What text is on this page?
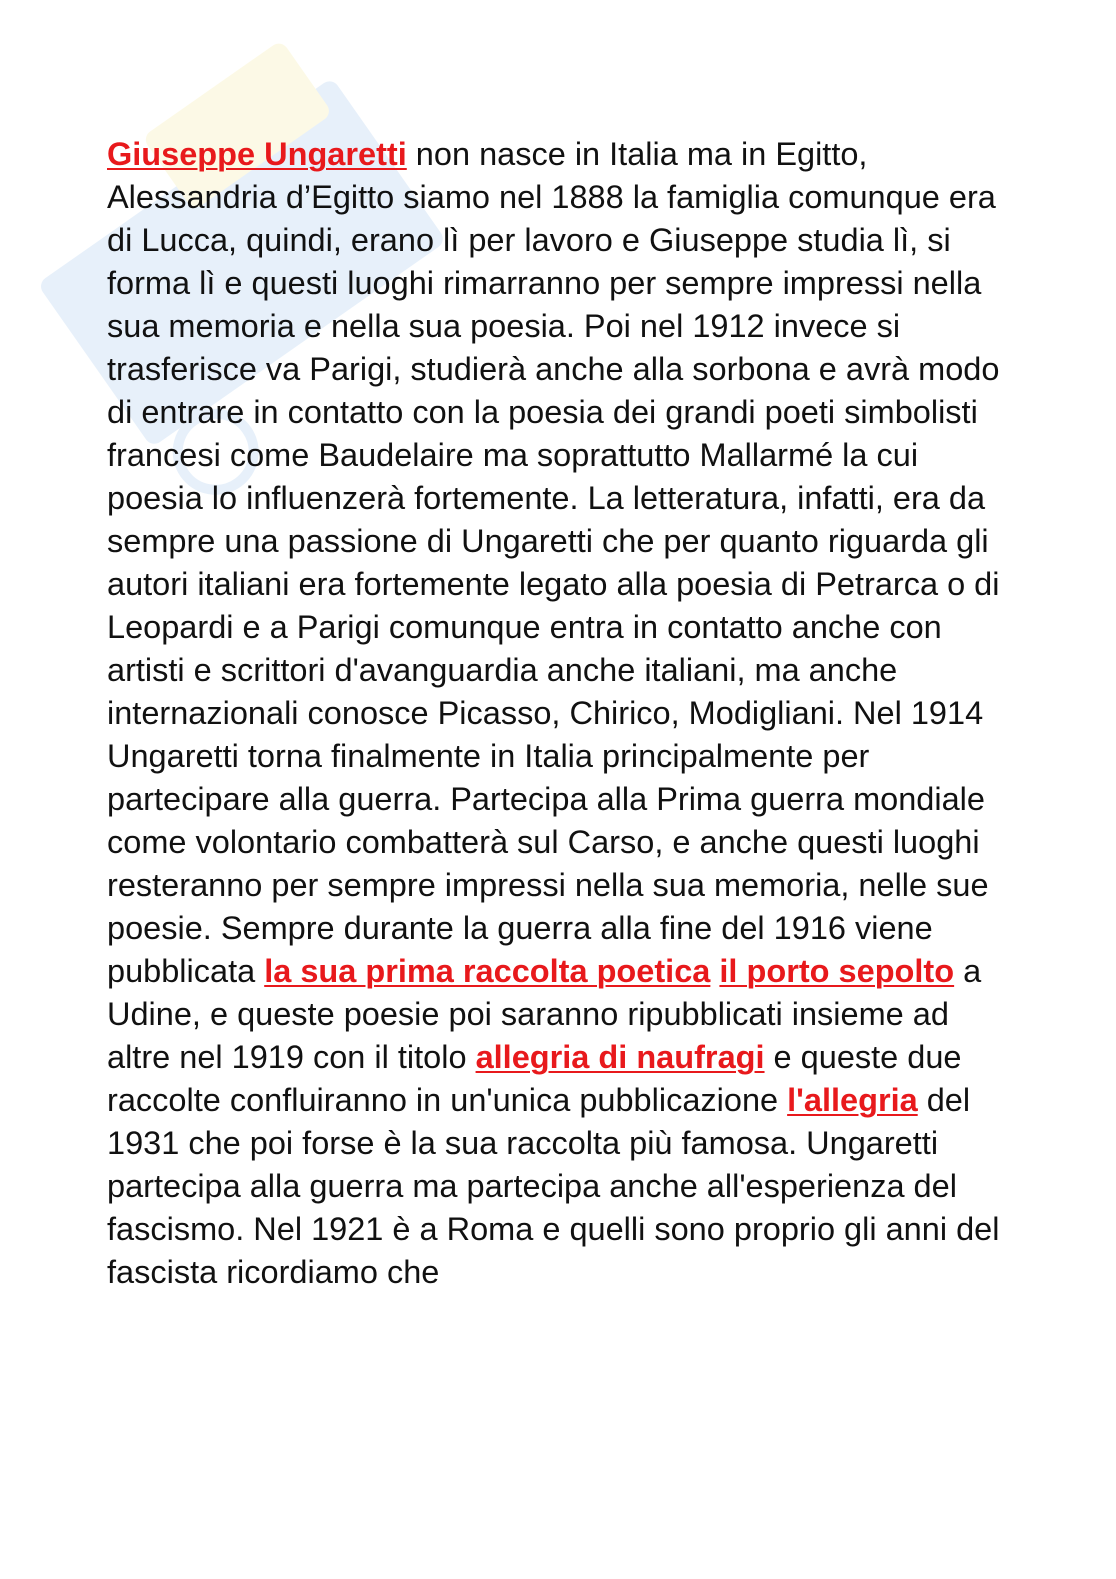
Giuseppe Ungaretti non nasce in Italia ma in Egitto, Alessandria d’Egitto siamo nel 1888 la famiglia comunque era di Lucca, quindi, erano lì per lavoro e Giuseppe studia lì, si forma lì e questi luoghi rimarranno per sempre impressi nella sua memoria e nella sua poesia. Poi nel 1912 invece si trasferisce va Parigi, studierà anche alla sorbona e avrà modo di entrare in contatto con la poesia dei grandi poeti simbolisti francesi come Baudelaire ma soprattutto Mallarmé la cui poesia lo influenzerà fortemente. La letteratura, infatti, era da sempre una passione di Ungaretti che per quanto riguarda gli autori italiani era fortemente legato alla poesia di Petrarca o di Leopardi e a Parigi comunque entra in contatto anche con artisti e scrittori d'avanguardia anche italiani, ma anche internazionali conosce Picasso, Chirico, Modigliani. Nel 1914 Ungaretti torna finalmente in Italia principalmente per partecipare alla guerra. Partecipa alla Prima guerra mondiale come volontario combatterà sul Carso, e anche questi luoghi resteranno per sempre impressi nella sua memoria, nelle sue poesie. Sempre durante la guerra alla fine del 1916 viene pubblicata la sua prima raccolta poetica il porto sepolto a Udine, e queste poesie poi saranno ripubblicati insieme ad altre nel 1919 con il titolo allegria di naufragi e queste due raccolte confluiranno in un'unica pubblicazione l'allegria del 1931 che poi forse è la sua raccolta più famosa. Ungaretti partecipa alla guerra ma partecipa anche all'esperienza del fascismo. Nel 1921 è a Roma e quelli sono proprio gli anni del fascista ricordiamo che
